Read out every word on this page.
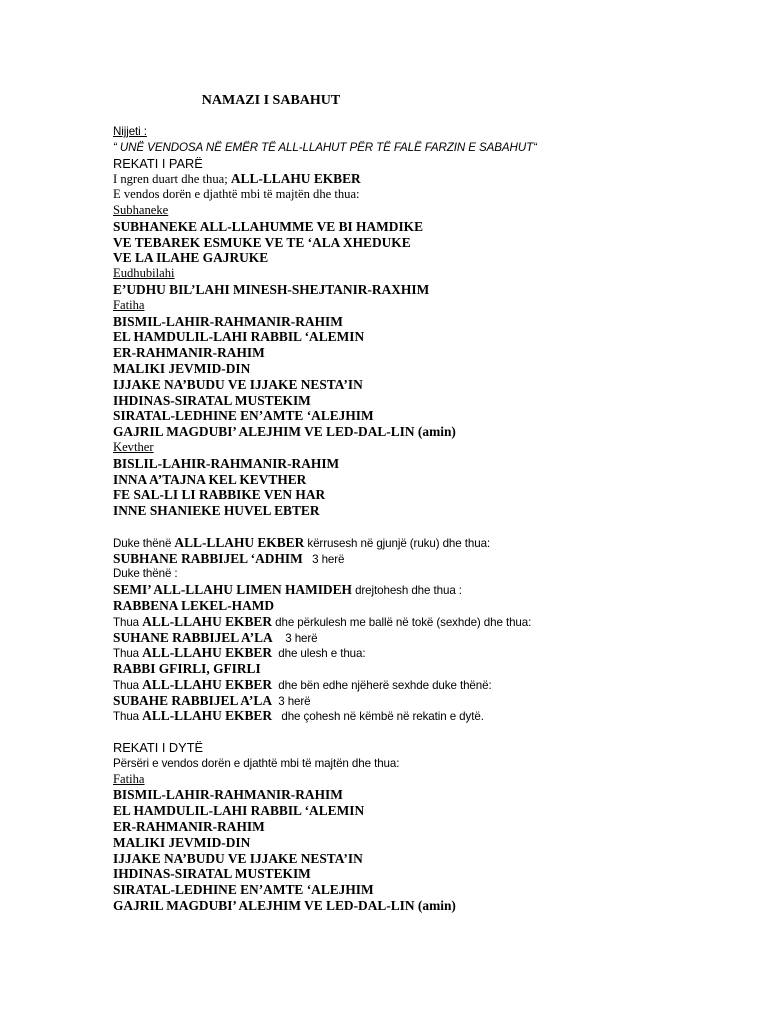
NAMAZI I SABAHUT
Nijjeti :
“ UNË VENDOSA NË EMËR TË ALL-LLAHUT PËR TË FALË FARZIN E SABAHUT“
REKATI I PARË
I ngren duart dhe thua; ALL-LLAHU EKBER
E vendos dorën e djathtë mbi të majtën dhe thua:
Subhaneke
SUBHANEKE ALL-LLAHUMME VE BI HAMDIKE
VE TEBAREK ESMUKE VE TE ‘ALA XHEDUKE
VE LA ILAHE GAJRUKE
Eudhubilahi
E’UDHU BIL’LAHI MINESH-SHEJTANIR-RAXHIM
Fatiha
BISMIL-LAHIR-RAHMANIR-RAHIM
EL HAMDULIL-LAHI RABBIL ‘ALEMIN
ER-RAHMANIR-RAHIM
MALIKI JEVMID-DIN
IJJAKE NA’BUDU VE IJJAKE NESTA’IN
IHDINAS-SIRATAL MUSTEKIM
SIRATAL-LEDHINE EN’AMTE ‘ALEJHIM
GAJRIL MAGDUBI’ ALEJHIM VE LED-DAL-LIN (amin)
Kevther
BISLIL-LAHIR-RAHMANIR-RAHIM
INNA A’TAJNA KEL KEVTHER
FE SAL-LI LI RABBIKE VEN HAR
INNE SHANIEKE HUVEL EBTER
Duke thënë ALL-LLAHU EKBER kërrusesh në gjunjë (ruku) dhe thua:
SUBHANE RABBIJEL ‘ADHIM   3 herë
Duke thënë :
SEMI’ ALL-LLAHU LIMEN HAMIDEH drejtohesh dhe thua :
RABBENA LEKEL-HAMD
Thua ALL-LLAHU EKBER dhe përkulesh me ballë në tokë (sexhde) dhe thua:
SUHANE RABBIJEL A’LA    3 herë
Thua ALL-LLAHU EKBER  dhe ulesh e thua:
RABBI GFIRLI, GFIRLI
Thua ALL-LLAHU EKBER  dhe bën edhe njëherë sexhde duke thënë:
SUBAHE RABBIJEL A’LA  3 herë
Thua ALL-LLAHU EKBER   dhe çohesh në këmbë në rekatin e dytë.
REKATI I DYTË
Përsëri e vendos dorën e djathtë mbi të majtën dhe thua:
Fatiha
BISMIL-LAHIR-RAHMANIR-RAHIM
EL HAMDULIL-LAHI RABBIL ‘ALEMIN
ER-RAHMANIR-RAHIM
MALIKI JEVMID-DIN
IJJAKE NA’BUDU VE IJJAKE NESTA’IN
IHDINAS-SIRATAL MUSTEKIM
SIRATAL-LEDHINE EN’AMTE ‘ALEJHIM
GAJRIL MAGDUBI’ ALEJHIM VE LED-DAL-LIN (amin)
